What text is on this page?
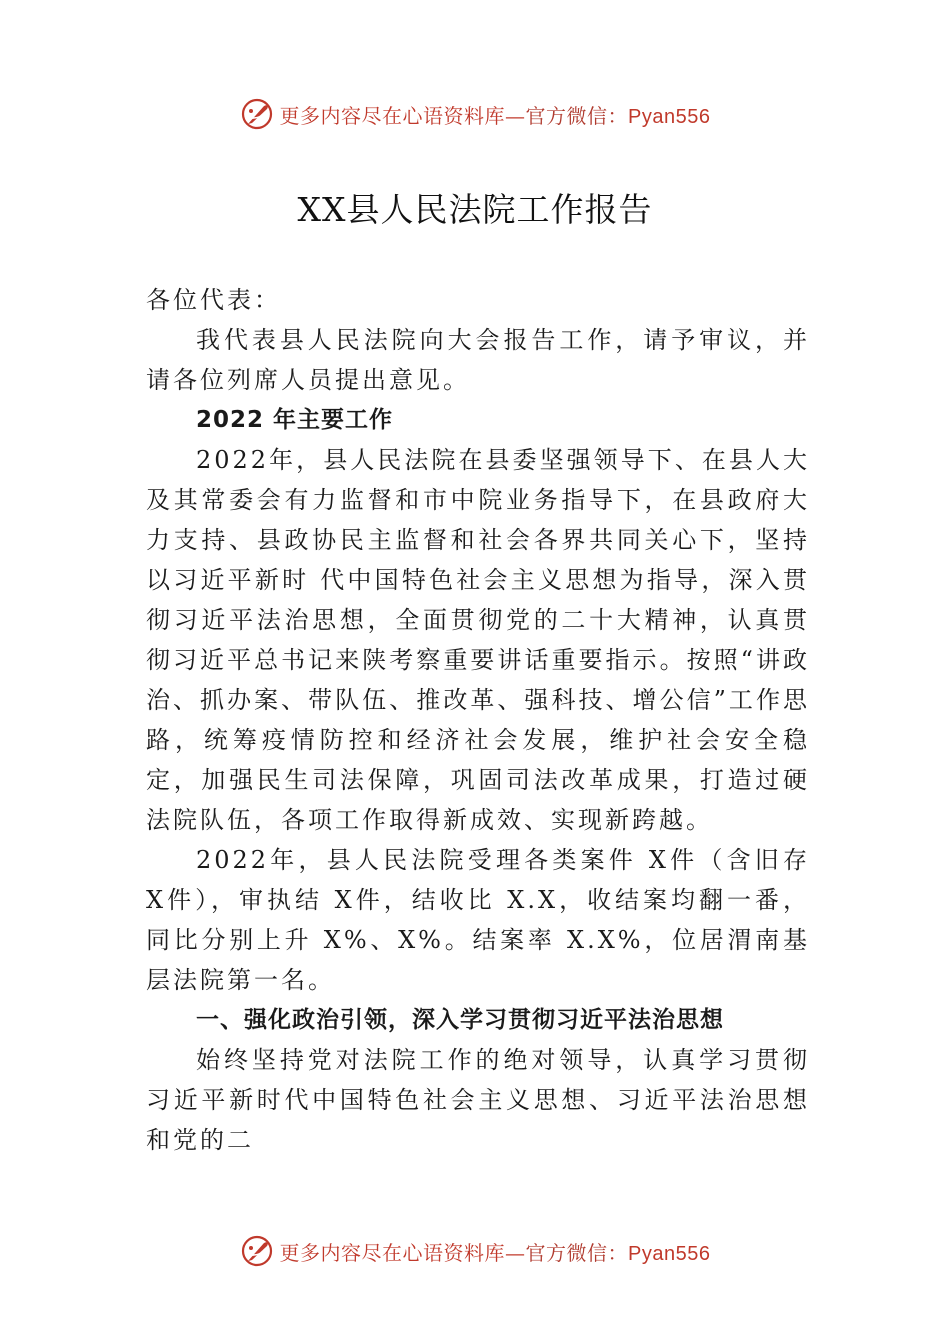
更多内容尽在心语资料库—官方微信：Pyan556
XX县人民法院工作报告

各位代表：

我代表县人民法院向大会报告工作，请予审议，并请各位列席人员提出意见。

2022 年主要工作

2022年，县人民法院在县委坚强领导下、在县人大及其常委会有力监督和市中院业务指导下，在县政府大力支持、县政协民主监督和社会各界共同关心下，坚持以习近平新时 代中国特色社会主义思想为指导，深入贯彻习近平法治思想，全面贯彻党的二十大精神，认真贯彻习近平总书记来陕考察重要讲话重要指示。按照“讲政治、抓办案、带队伍、推改革、强科技、增公信”工作思路，统筹疫情防控和经济社会发展，维护社会安全稳定，加强民生司法保障，巩固司法改革成果，打造过硬法院队伍，各项工作取得新成效、实现新跨越。

2022年，县人民法院受理各类案件 X件（含旧存 X件），审执结 X件，结收比 X.X，收结案均翻一番，同比分别上升 X%、X%。结案率 X.X%，位居渭南基层法院第一名。

一、强化政治引领，深入学习贯彻习近平法治思想

始终坚持党对法院工作的绝对领导，认真学习贯彻习近平新时代中国特色社会主义思想、习近平法治思想和党的二

更多内容尽在心语资料库—官方微信：Pyan556
